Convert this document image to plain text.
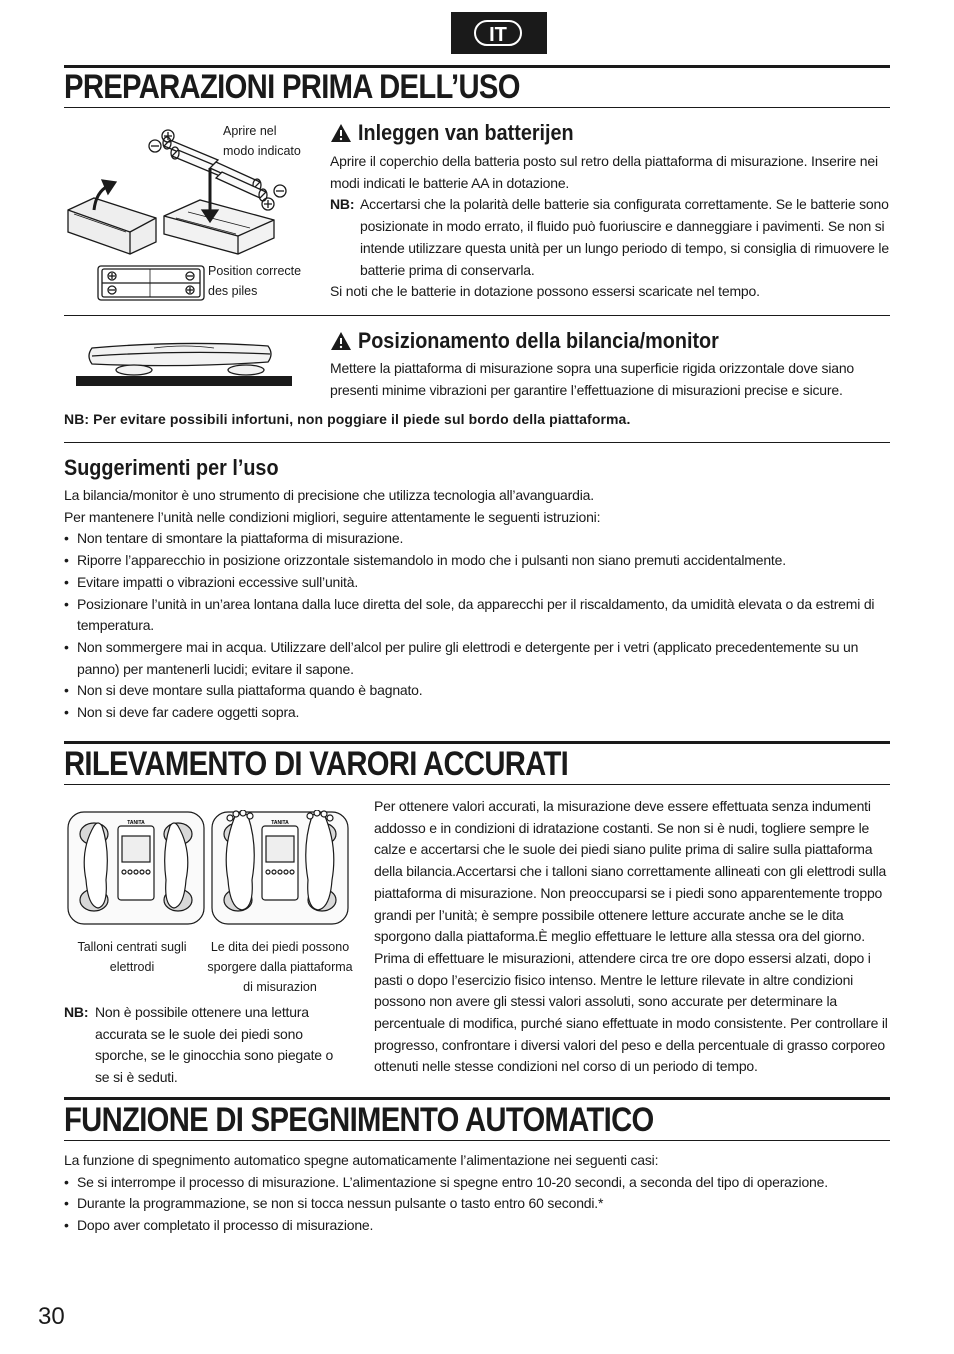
IT
PREPARAZIONI PRIMA DELL’USO
Aprire nel
modo indicato
Position correcte
des piles
Inleggen van batterijen

Aprire il coperchio della batteria posto sul retro della piattaforma di misurazione. Inserire nei modi indicati le batterie AA in dotazione.

NB: Accertarsi che la polarità delle batterie sia configurata correttamente. Se le batterie sono posizionate in modo errato, il fluido può fuoriuscire e danneggiare i pavimenti. Se non si intende utilizzare questa unità per un lungo periodo di tempo, si consiglia di rimuovere le batterie prima di conservarla.

Si noti che le batterie in dotazione possono essersi scaricate nel tempo.

Posizionamento della bilancia/monitor
Mettere la piattaforma di misurazione sopra una superficie rigida orizzontale dove siano presenti minime vibrazioni per garantire l’effettuazione di misurazioni precise e sicure.
NB: Per evitare possibili infortuni, non poggiare il piede sul bordo della piattaforma.
Suggerimenti per l’uso

La bilancia/monitor è uno strumento di precisione che utilizza tecnologia all’avanguardia.

Per mantenere l’unità nelle condizioni migliori, seguire attentamente le seguenti istruzioni:

• Non tentare di smontare la piattaforma di misurazione.
• Riporre l’apparecchio in posizione orizzontale sistemandolo in modo che i pulsanti non siano premuti accidentalmente.
• Evitare impatti o vibrazioni eccessive sull’unità.
• Posizionare l’unità in un’area lontana dalla luce diretta del sole, da apparecchi per il riscaldamento, da umidità elevata o da estremi di temperatura.
• Non sommergere mai in acqua. Utilizzare dell’alcol per pulire gli elettrodi e detergente per i vetri (applicato precedentemente su un panno) per mantenerli lucidi; evitare il sapone.
• Non si deve montare sulla piattaforma quando è bagnato.
• Non si deve far cadere oggetti sopra.
RILEVAMENTO DI VARORI ACCURATI
TANITA	TANITA
Talloni centrati sugli elettrodi
Le dita dei piedi possono sporgere dalla piattaforma di misurazion
NB: Non è possibile ottenere una lettura accurata se le suole dei piedi sono sporche, se le ginocchia sono piegate o se si è seduti.
Per ottenere valori accurati, la misurazione deve essere effettuata senza indumenti addosso e in condizioni di idratazione costanti. Se non si è nudi, togliere sempre le calze e accertarsi che le suole dei piedi siano pulite prima di salire sulla piattaforma della bilancia.Accertarsi che i talloni siano correttamente allineati con gli elettrodi sulla piattaforma di misurazione. Non preoccuparsi se i piedi sono apparentemente troppo grandi per l’unità; è sempre possibile ottenere letture accurate anche se le dita sporgono dalla piattaforma.È meglio effettuare le letture alla stessa ora del giorno. Prima di effettuare le misurazioni, attendere circa tre ore dopo essersi alzati, dopo i pasti o dopo l’esercizio fisico intenso. Mentre le letture rilevate in altre condizioni possono non avere gli stessi valori assoluti, sono accurate per determinare la percentuale di modifica, purché siano effettuate in modo consistente. Per controllare il progresso, confrontare i diversi valori del peso e della percentuale di grasso corporeo ottenuti nelle stesse condizioni nel corso di un periodo di tempo.
FUNZIONE DI SPEGNIMENTO AUTOMATICO

La funzione di spegnimento automatico spegne automaticamente l’alimentazione nei seguenti casi:

• Se si interrompe il processo di misurazione. L’alimentazione si spegne entro 10-20 secondi, a seconda del tipo di operazione.
• Durante la programmazione, se non si tocca nessun pulsante o tasto entro 60 secondi.*
• Dopo aver completato il processo di misurazione.
30
